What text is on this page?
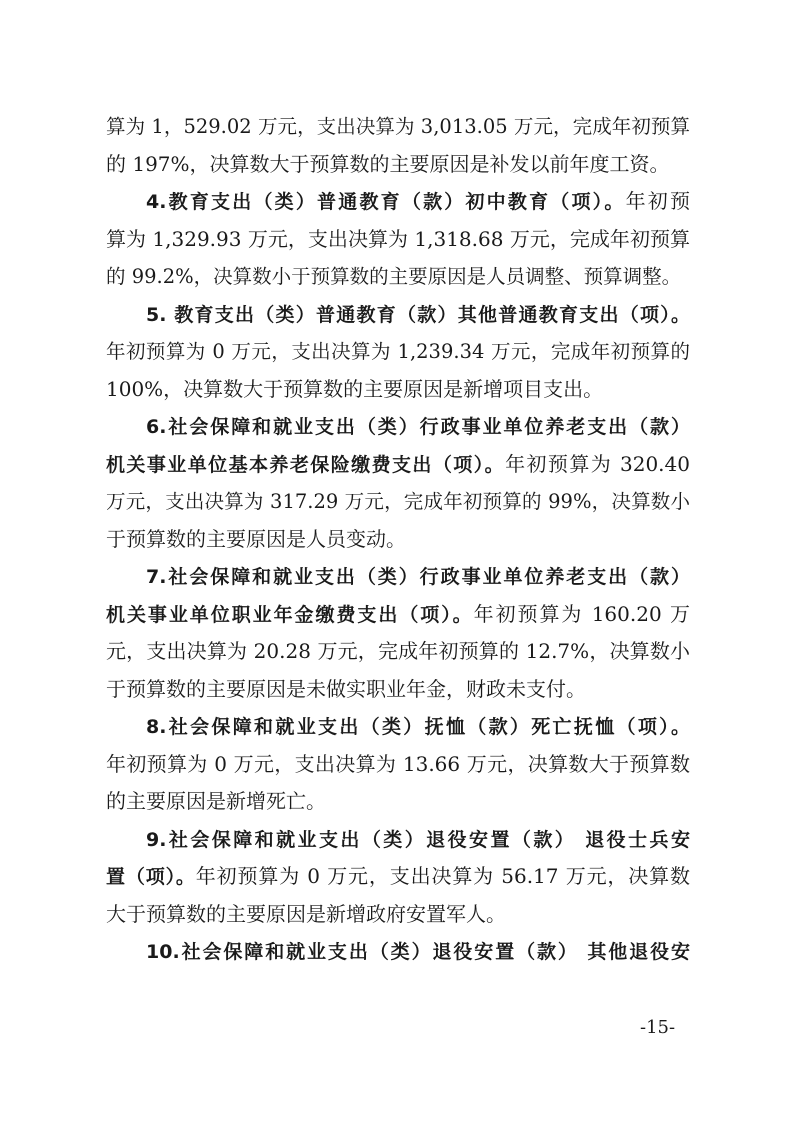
算为 1，529.02 万元，支出决算为 3,013.05 万元，完成年初预算
的 197%，决算数大于预算数的主要原因是补发以前年度工资。
4.教育支出（类）普通教育（款）初中教育（项）。年初预
算为 1,329.93 万元，支出决算为 1,318.68 万元，完成年初预算
的 99.2%，决算数小于预算数的主要原因是人员调整、预算调整。
5. 教育支出（类）普通教育（款）其他普通教育支出（项）。
年初预算为 0 万元，支出决算为 1,239.34 万元，完成年初预算的
100%，决算数大于预算数的主要原因是新增项目支出。
6.社会保障和就业支出（类）行政事业单位养老支出（款）
机关事业单位基本养老保险缴费支出（项）。年初预算为 320.40
万元，支出决算为 317.29 万元，完成年初预算的 99%，决算数小
于预算数的主要原因是人员变动。
7.社会保障和就业支出（类）行政事业单位养老支出（款）
机关事业单位职业年金缴费支出（项）。年初预算为 160.20 万
元，支出决算为 20.28 万元，完成年初预算的 12.7%，决算数小
于预算数的主要原因是未做实职业年金，财政未支付。
8.社会保障和就业支出（类）抚恤（款）死亡抚恤（项）。
年初预算为 0 万元，支出决算为 13.66 万元，决算数大于预算数
的主要原因是新增死亡。
9.社会保障和就业支出（类）退役安置（款） 退役士兵安
置（项）。年初预算为 0 万元，支出决算为 56.17 万元，决算数
大于预算数的主要原因是新增政府安置军人。
10.社会保障和就业支出（类）退役安置（款） 其他退役安
-15-
